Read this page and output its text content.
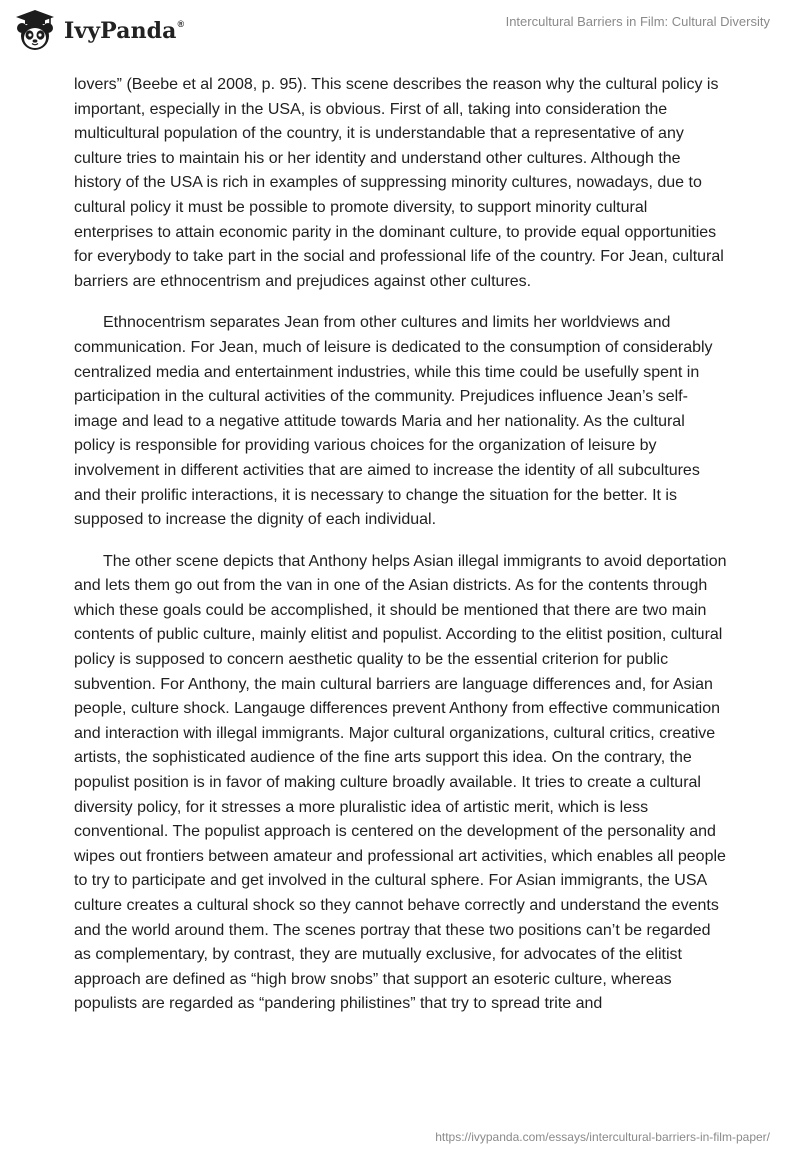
IvyPanda®	Intercultural Barriers in Film: Cultural Diversity

lovers” (Beebe et al 2008, p. 95). This scene describes the reason why the cultural policy is important, especially in the USA, is obvious. First of all, taking into consideration the multicultural population of the country, it is understandable that a representative of any culture tries to maintain his or her identity and understand other cultures. Although the history of the USA is rich in examples of suppressing minority cultures, nowadays, due to cultural policy it must be possible to promote diversity, to support minority cultural enterprises to attain economic parity in the dominant culture, to provide equal opportunities for everybody to take part in the social and professional life of the country. For Jean, cultural barriers are ethnocentrism and prejudices against other cultures.

Ethnocentrism separates Jean from other cultures and limits her worldviews and communication. For Jean, much of leisure is dedicated to the consumption of considerably centralized media and entertainment industries, while this time could be usefully spent in participation in the cultural activities of the community. Prejudices influence Jean’s self-image and lead to a negative attitude towards Maria and her nationality. As the cultural policy is responsible for providing various choices for the organization of leisure by involvement in different activities that are aimed to increase the identity of all subcultures and their prolific interactions, it is necessary to change the situation for the better. It is supposed to increase the dignity of each individual.

The other scene depicts that Anthony helps Asian illegal immigrants to avoid deportation and lets them go out from the van in one of the Asian districts. As for the contents through which these goals could be accomplished, it should be mentioned that there are two main contents of public culture, mainly elitist and populist. According to the elitist position, cultural policy is supposed to concern aesthetic quality to be the essential criterion for public subvention. For Anthony, the main cultural barriers are language differences and, for Asian people, culture shock. Langauge differences prevent Anthony from effective communication and interaction with illegal immigrants. Major cultural organizations, cultural critics, creative artists, the sophisticated audience of the fine arts support this idea. On the contrary, the populist position is in favor of making culture broadly available. It tries to create a cultural diversity policy, for it stresses a more pluralistic idea of artistic merit, which is less conventional. The populist approach is centered on the development of the personality and wipes out frontiers between amateur and professional art activities, which enables all people to try to participate and get involved in the cultural sphere. For Asian immigrants, the USA culture creates a cultural shock so they cannot behave correctly and understand the events and the world around them. The scenes portray that these two positions can’t be regarded as complementary, by contrast, they are mutually exclusive, for advocates of the elitist approach are defined as “high brow snobs” that support an esoteric culture, whereas populists are regarded as “pandering philistines” that try to spread trite and

https://ivypanda.com/essays/intercultural-barriers-in-film-paper/
